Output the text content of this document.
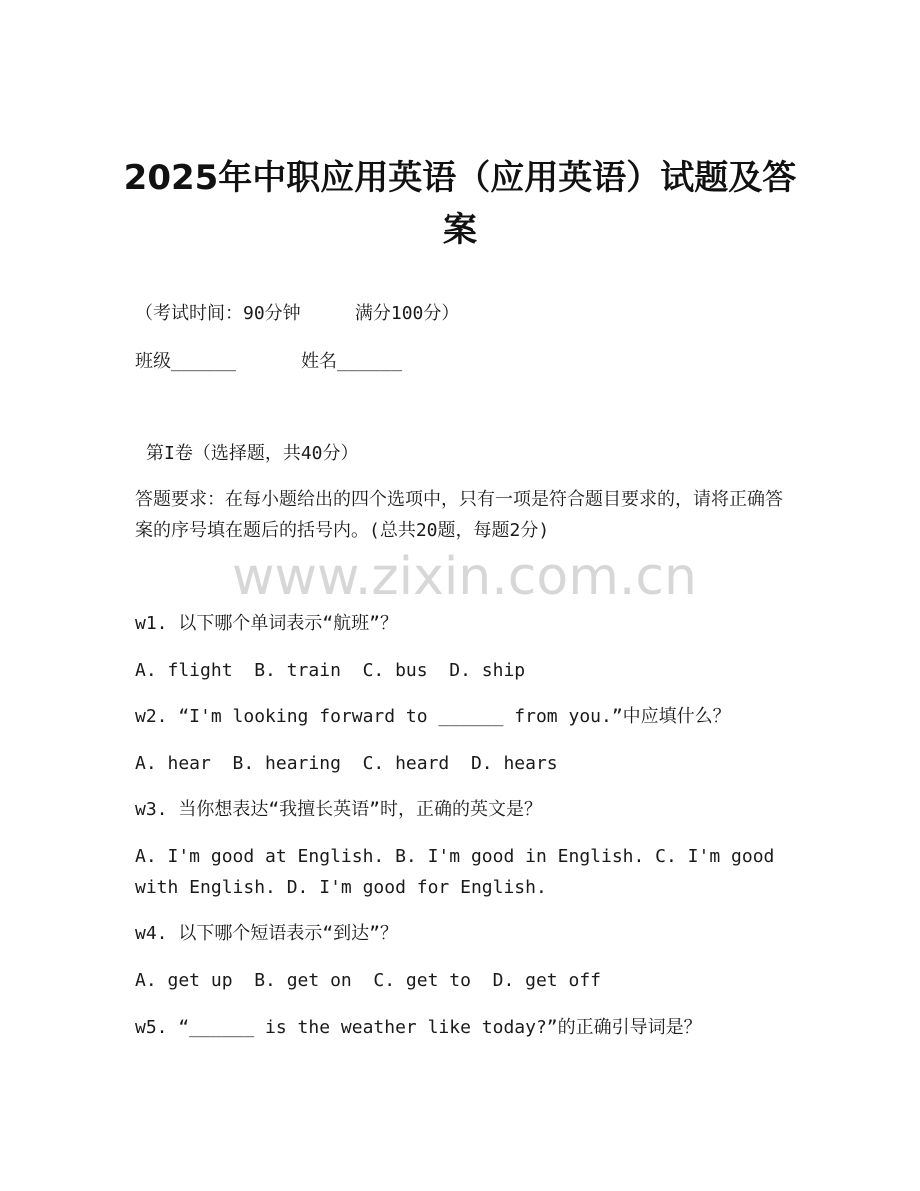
2025年中职应用英语（应用英语）试题及答案
（考试时间：90分钟     满分100分）
班级______      姓名______
第I卷（选择题，共40分）
答题要求：在每小题给出的四个选项中，只有一项是符合题目要求的，请将正确答案的序号填在题后的括号内。(总共20题，每题2分)
www.zixin.com.cn
w1. 以下哪个单词表示“航班”？
A. flight  B. train  C. bus  D. ship
w2. “I'm looking forward to ______ from you.”中应填什么？
A. hear  B. hearing  C. heard  D. hears
w3. 当你想表达“我擅长英语”时，正确的英文是？
A. I'm good at English. B. I'm good in English. C. I'm good with English. D. I'm good for English.
w4. 以下哪个短语表示“到达”？
A. get up  B. get on  C. get to  D. get off
w5. “______ is the weather like today?”的正确引导词是？
